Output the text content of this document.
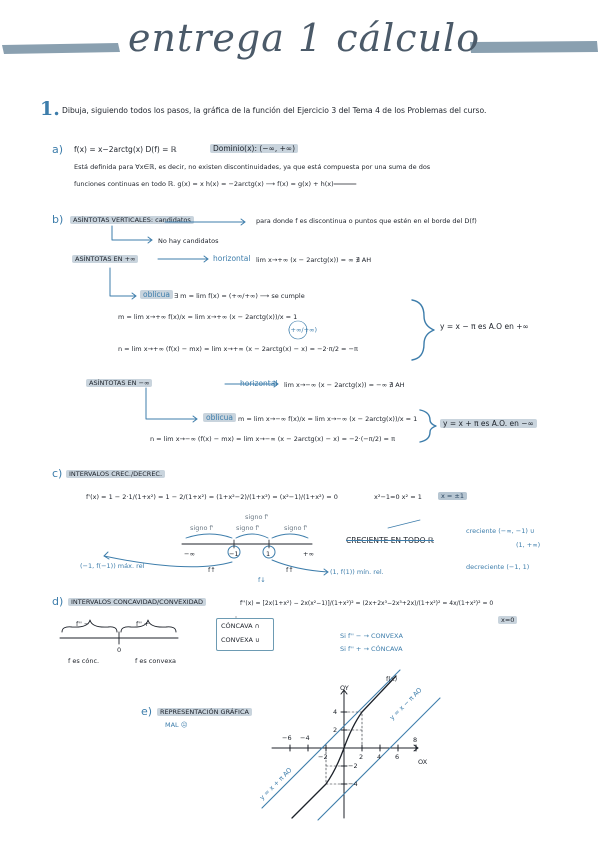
entrega 1 cálculo
1. Dibuja, siguiendo todos los pasos, la gráfica de la función del Ejercicio 3 del Tema 4 de los Problemas del curso.
a) f(x) = x−2arctg(x) D(f) = ℝ	Dominio(x): (−∞, +∞)
Está definida para ∀x∈ℝ, es decir, no existen discontinuidades, ya que está compuesta por una suma de dos
funciones continuas en todo ℝ. g(x) = x h(x) = −2arctg(x) ⟶ f(x) = g(x) + h(x)
b)	ASÍNTOTAS VERTICALES: candidatos	para donde f es discontinua o puntos que estén en el borde del D(f)
No hay candidatos
ASÍNTOTAS EN +∞	horizontal lim x→+∞ (x − 2arctg(x)) = ∞ ∄ AH
oblicua ∃ m = lim f(x) = (+∞/+∞) ⟶ se cumple
m = lim x→+∞ f(x)/x = lim x→+∞ (x − 2arctg(x))/x = 1
(+∞/+∞)
n = lim x→+∞ (f(x) − mx) = lim x→+∞ (x − 2arctg(x) − x) = −2·π/2 = −π
y = x − π es A.O en +∞
ASÍNTOTAS EN −∞	horizontal lim x→−∞ (x − 2arctg(x)) = −∞ ∄ AH
oblicua m = lim x→−∞ f(x)/x = lim x→−∞ (x − 2arctg(x))/x = 1
n = lim x→−∞ (f(x) − mx) = lim x→−∞ (x − 2arctg(x) − x) = −2·(−π/2) = π
y = x + π es A.O. en −∞
c)	INTERVALOS CREC./DECREC.
f'(x) = 1 − 2·1/(1+x²) = 1 − 2/(1+x²) = (1+x²−2)/(1+x²) = (x²−1)/(1+x²) = 0	x²−1=0 x² = 1	x = ±1
signo f'
signo f'	signo f'	signo f'
−∞	+∞
−1	1
f↑
f↓
f↑
(−1, f(−1)) máx. rel
(1, f(1)) mín. rel.
CRECIENTE EN TODO ℝ
creciente (−∞, −1) ∪
(1, +∞)
decreciente (−1, 1)
d)	INTERVALOS CONCAVIDAD/CONVEXIDAD	f''(x) = [2x(1+x²) − 2x(x²−1)]/(1+x²)² = (2x+2x³−2x³+2x)/(1+x²)² = 4x/(1+x²)² = 0
x=0
f'' −	f'' +
0
f es cónc.	f es convexa
CÓNCAVA ∩
CONVEXA ∪	Si f'' − → CONVEXA
Si f'' + → CÓNCAVA
e)	REPRESENTACIÓN GRÁFICA
MAL ☹
OY
OX
f(x)
y = x − π AO
y = x + π AO
−6 −4
−2	2 4 6
8
4
2
−2
−4
